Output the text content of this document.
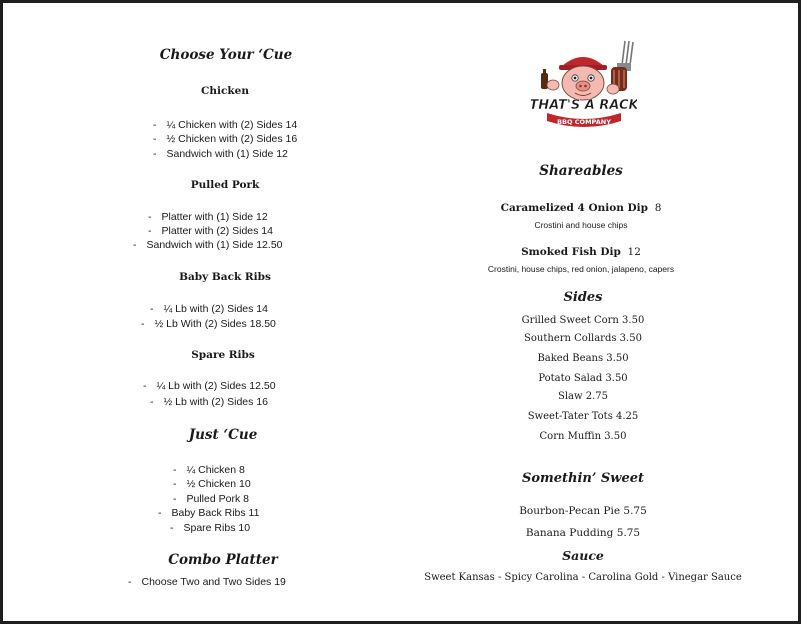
Choose Your ‘Cue
Chicken
- ¼ Chicken with (2) Sides 14
- ½ Chicken with (2) Sides 16
- Sandwich with (1) Side 12
Pulled Pork
- Platter with (1) Side 12
- Platter with (2) Sides 14
- Sandwich with (1) Side 12.50
Baby Back Ribs
- ¼ Lb with (2) Sides 14
- ½ Lb With (2) Sides 18.50
Spare Ribs
- ¼ Lb with (2) Sides 12.50
- ½ Lb with (2) Sides 16
Just ‘Cue
- ¼ Chicken 8
- ½ Chicken 10
- Pulled Pork 8
- Baby Back Ribs 11
- Spare Ribs 10
Combo Platter
- Choose Two and Two Sides 19
THAT'S A RACK
BBQ COMPANY
Shareables
Caramelized 4 Onion Dip 8
Crostini and house chips
Smoked Fish Dip 12
Crostini, house chips, red onion, jalapeno, capers
Sides
Grilled Sweet Corn 3.50
Southern Collards 3.50
Baked Beans 3.50
Potato Salad 3.50
Slaw 2.75
Sweet-Tater Tots 4.25
Corn Muffin 3.50
Somethin’ Sweet
Bourbon-Pecan Pie 5.75
Banana Pudding 5.75
Sauce
Sweet Kansas - Spicy Carolina - Carolina Gold - Vinegar Sauce
